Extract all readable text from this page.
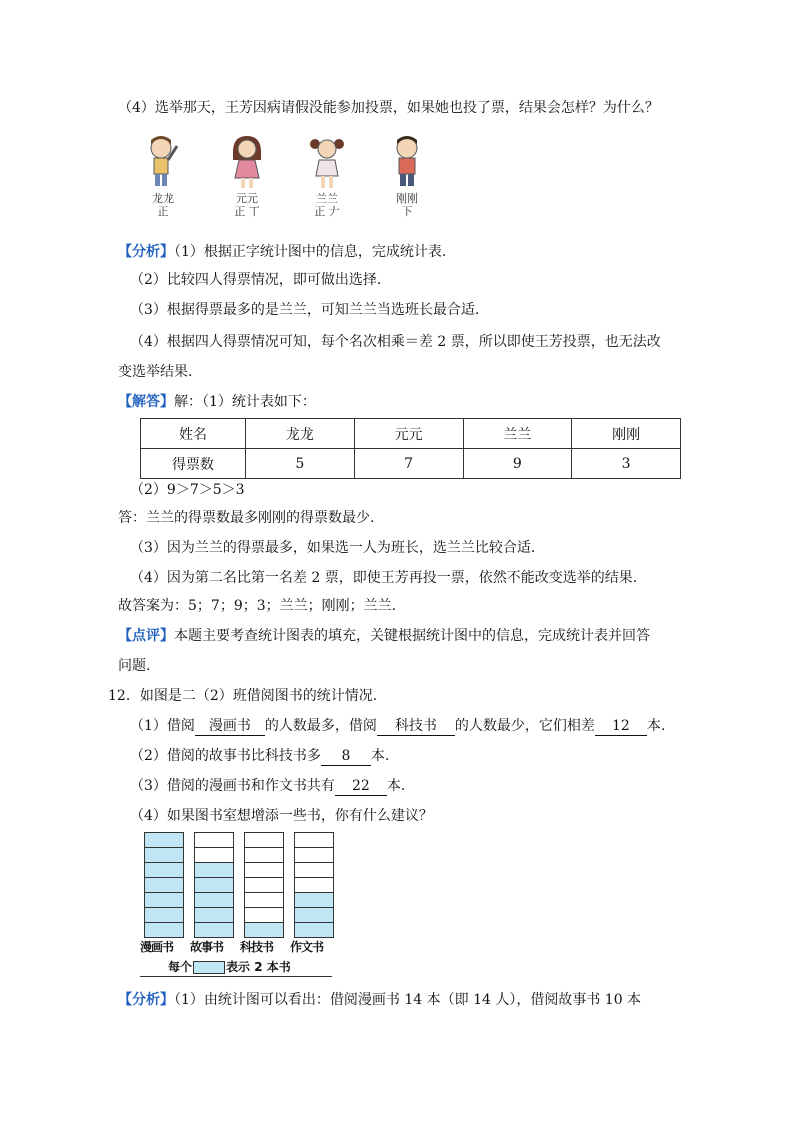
（4）选举那天，王芳因病请假没能参加投票，如果她也投了票，结果会怎样？为什么？
龙龙
正
元元
正 丅
兰兰
正 𠂇
刚刚
下
【分析】（1）根据正字统计图中的信息，完成统计表.
（2）比较四人得票情况，即可做出选择.
（3）根据得票最多的是兰兰，可知兰兰当选班长最合适.
（4）根据四人得票情况可知，每个名次相乘＝差 2 票，所以即使王芳投票，也无法改
变选举结果.
【解答】解：（1）统计表如下：
姓名	龙龙	元元	兰兰	刚刚
得票数	5	7	9	3
（2）9＞7＞5＞3
答：兰兰的得票数最多刚刚的得票数最少.
（3）因为兰兰的得票最多，如果选一人为班长，选兰兰比较合适.
（4）因为第二名比第一名差 2 票，即使王芳再投一票，依然不能改变选举的结果.
故答案为：5；7；9；3；兰兰；刚刚；兰兰.
【点评】本题主要考查统计图表的填充，关键根据统计图中的信息，完成统计表并回答
问题.
12．如图是二（2）班借阅图书的统计情况.
（1）借阅 漫画书 的人数最多，借阅 科技书 的人数最少，它们相差 12 本.
（2）借阅的故事书比科技书多 8 本.
（3）借阅的漫画书和作文书共有 22 本.
（4）如果图书室想增添一些书，你有什么建议？
漫画书 故事书 科技书 作文书
每个	表示 2 本书
【分析】（1）由统计图可以看出：借阅漫画书 14 本（即 14 人），借阅故事书 10 本
